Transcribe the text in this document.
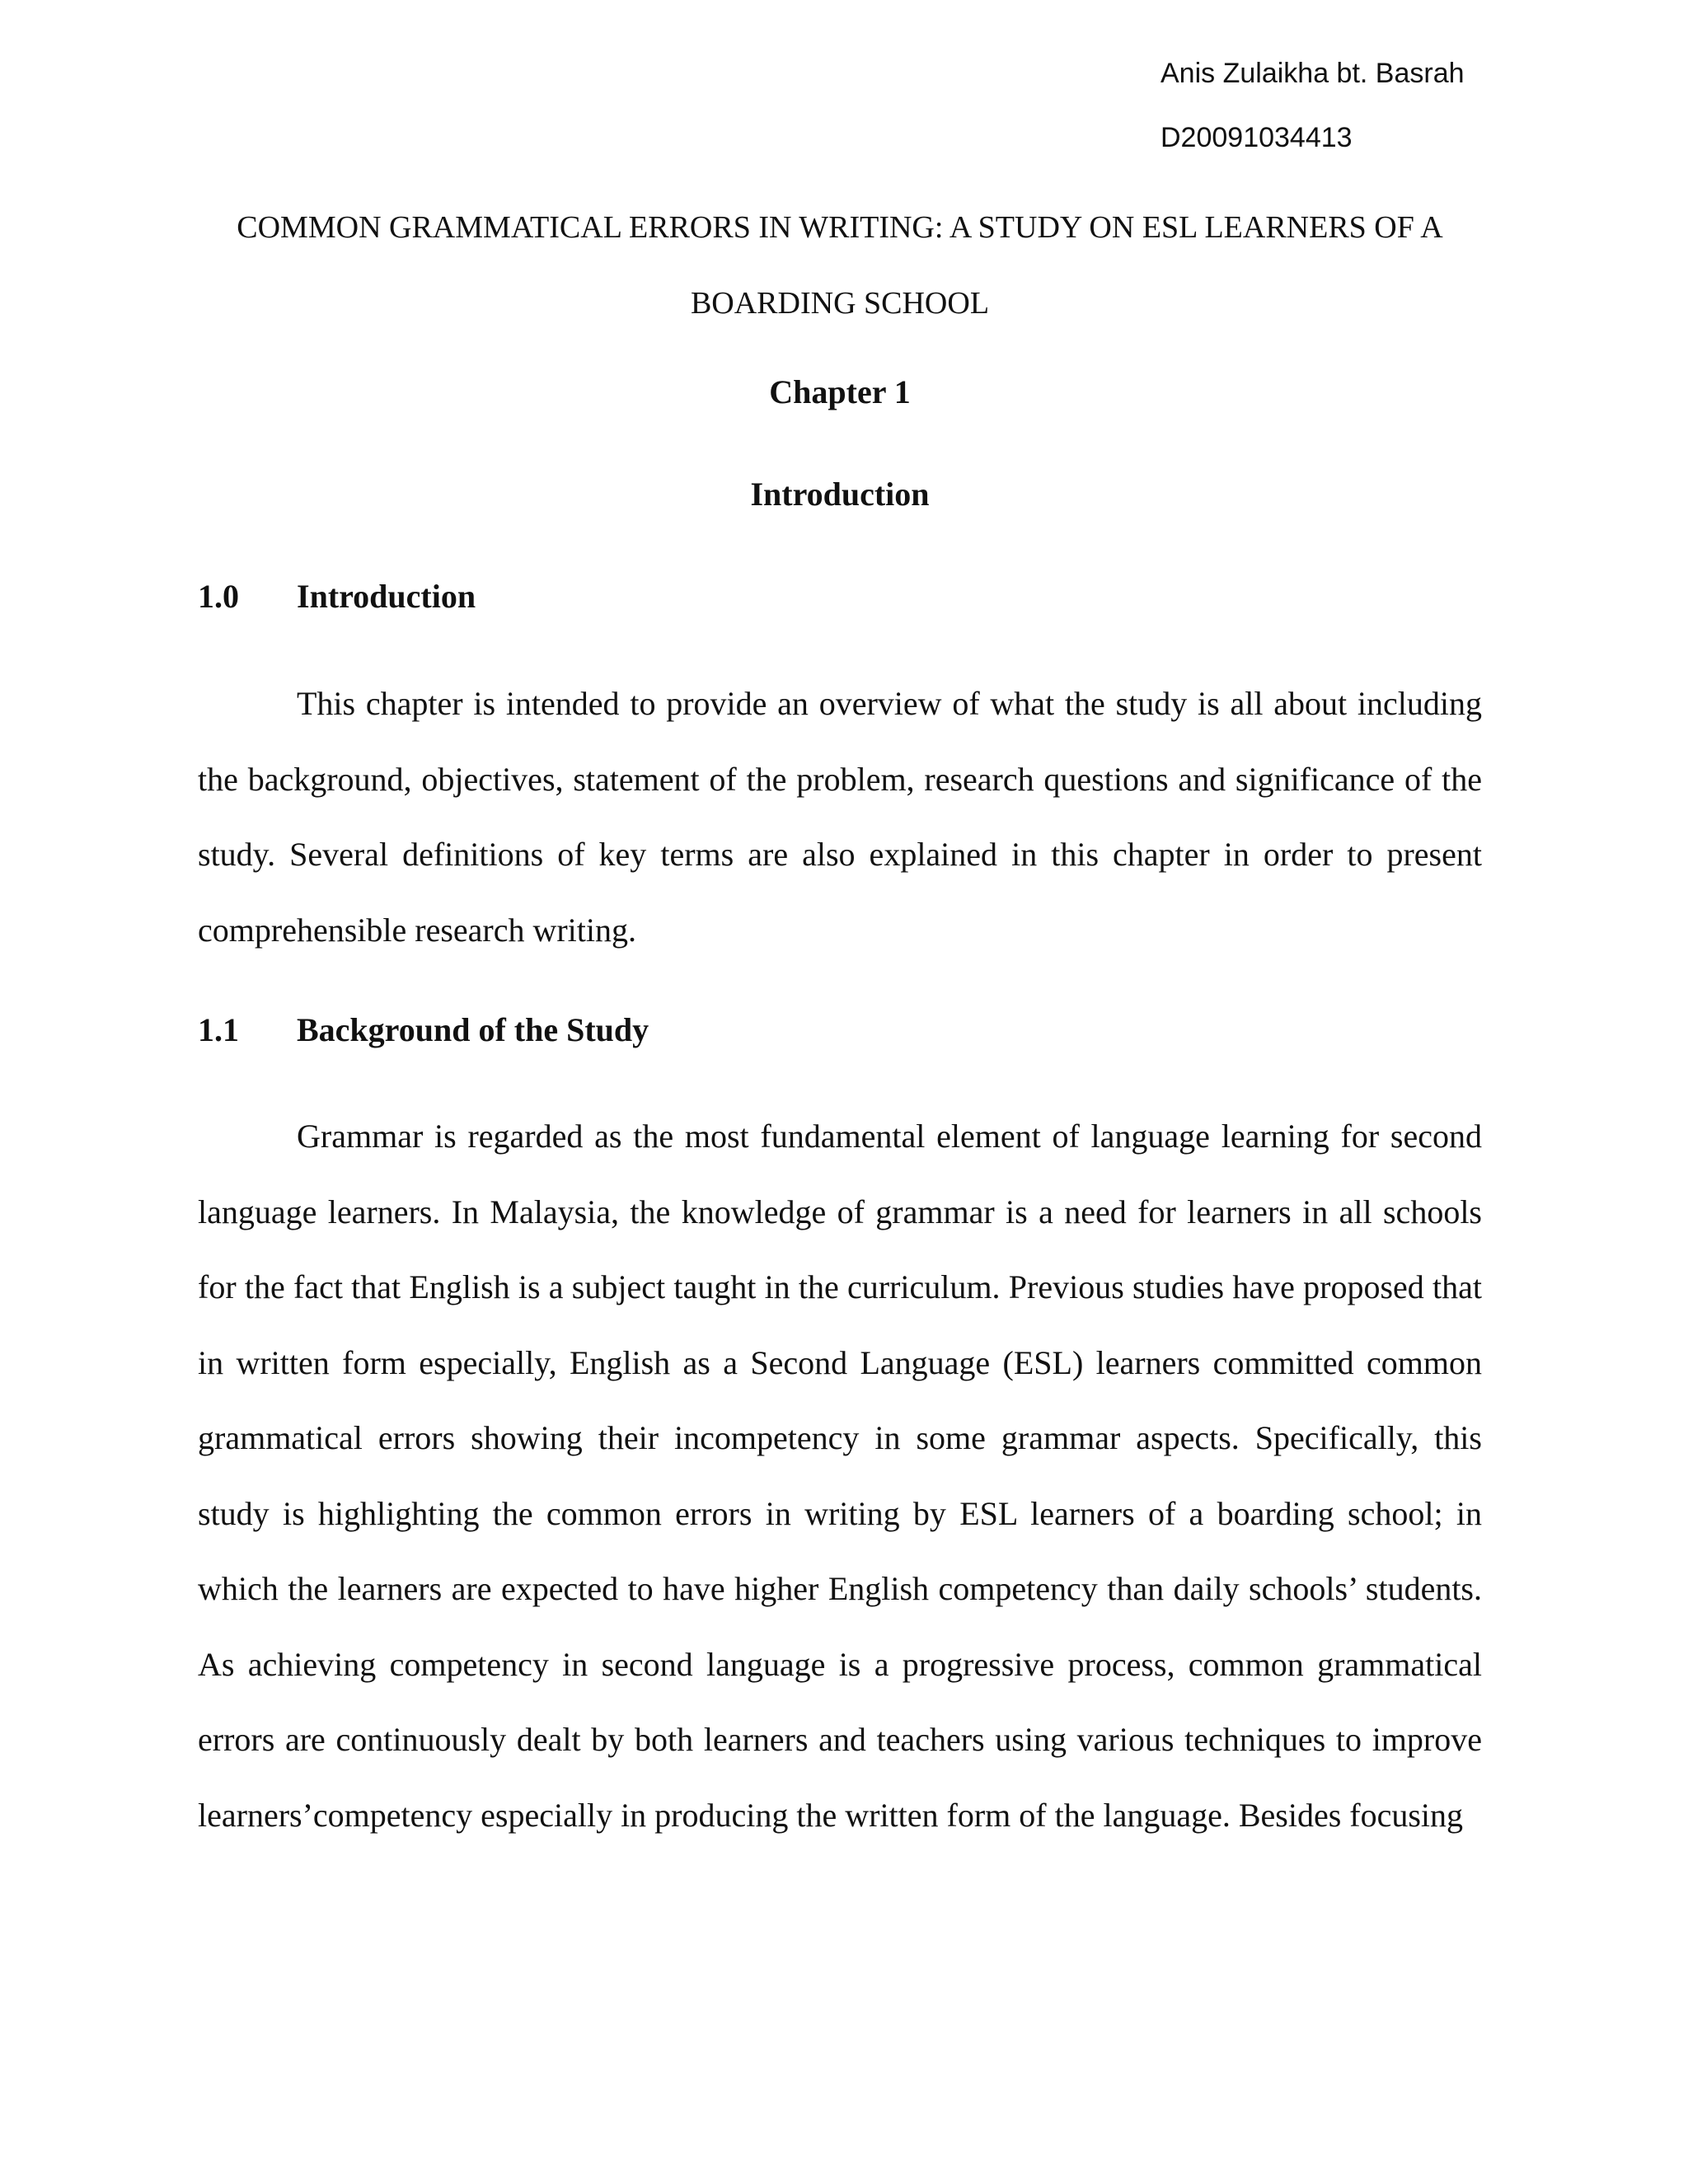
Anis Zulaikha bt. Basrah
D20091034413
COMMON GRAMMATICAL ERRORS IN WRITING: A STUDY ON ESL LEARNERS OF A BOARDING SCHOOL
Chapter 1
Introduction
1.0 Introduction

This chapter is intended to provide an overview of what the study is all about including the background, objectives, statement of the problem, research questions and significance of the study. Several definitions of key terms are also explained in this chapter in order to present comprehensible research writing.

1.1 Background of the Study

Grammar is regarded as the most fundamental element of language learning for second language learners. In Malaysia, the knowledge of grammar is a need for learners in all schools for the fact that English is a subject taught in the curriculum. Previous studies have proposed that in written form especially, English as a Second Language (ESL) learners committed common grammatical errors showing their incompetency in some grammar aspects. Specifically, this study is highlighting the common errors in writing by ESL learners of a boarding school; in which the learners are expected to have higher English competency than daily schools’ students. As achieving competency in second language is a progressive process, common grammatical errors are continuously dealt by both learners and teachers using various techniques to improve learners’competency especially in producing the written form of the language. Besides focusing
